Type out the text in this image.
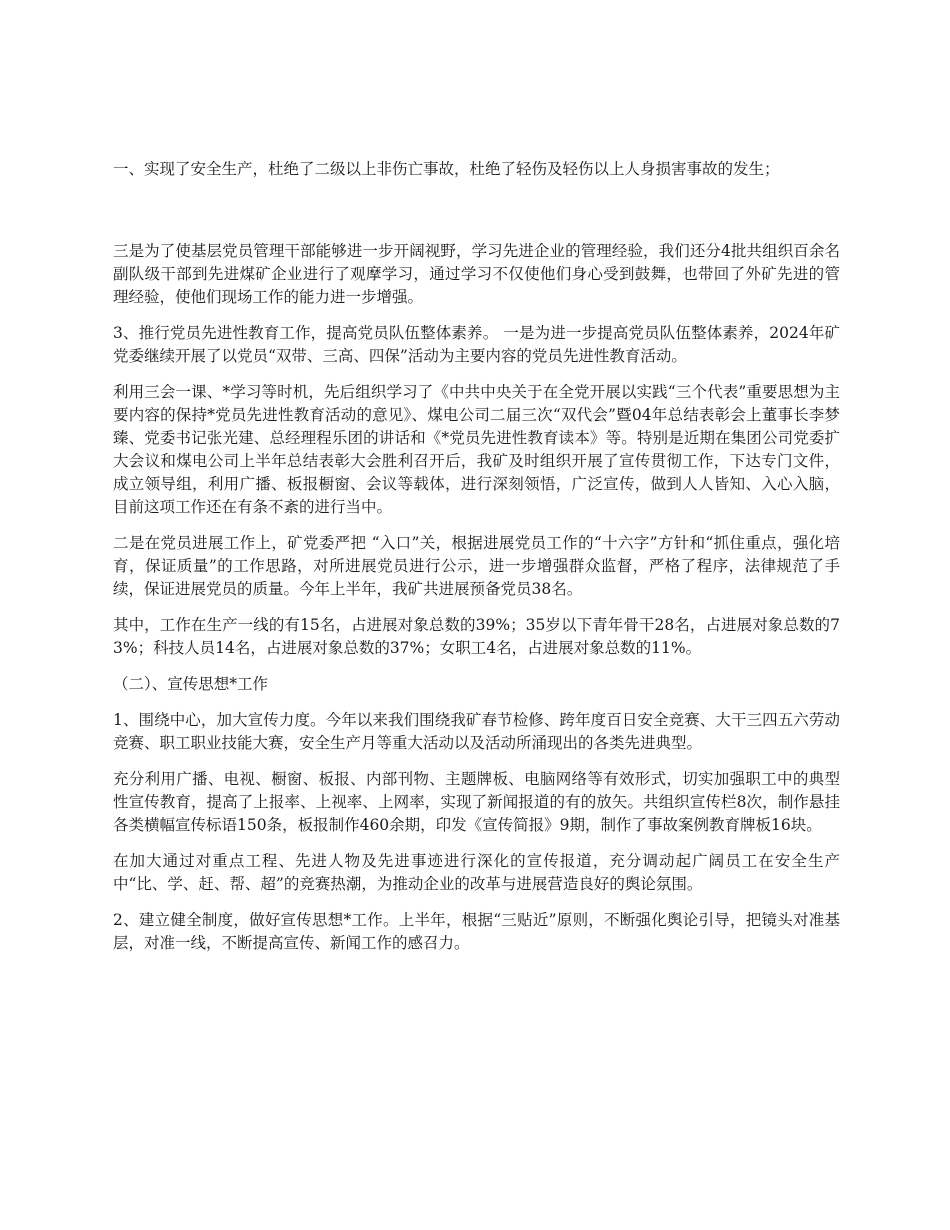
一、实现了安全生产，杜绝了二级以上非伤亡事故，杜绝了轻伤及轻伤以上人身损害事故的发生；

三是为了使基层党员管理干部能够进一步开阔视野，学习先进企业的管理经验，我们还分4批共组织百余名副队级干部到先进煤矿企业进行了观摩学习，通过学习不仅使他们身心受到鼓舞，也带回了外矿先进的管理经验，使他们现场工作的能力进一步增强。

3、推行党员先进性教育工作，提高党员队伍整体素养。 一是为进一步提高党员队伍整体素养，2024年矿党委继续开展了以党员“双带、三高、四保”活动为主要内容的党员先进性教育活动。

利用三会一课、*学习等时机，先后组织学习了《中共中央关于在全党开展以实践“三个代表”重要思想为主要内容的保持*党员先进性教育活动的意见》、煤电公司二届三次“双代会”暨04年总结表彰会上董事长李梦臻、党委书记张光建、总经理程乐团的讲话和《*党员先进性教育读本》等。特别是近期在集团公司党委扩大会议和煤电公司上半年总结表彰大会胜利召开后，我矿及时组织开展了宣传贯彻工作，下达专门文件，成立领导组，利用广播、板报橱窗、会议等载体，进行深刻领悟，广泛宣传，做到人人皆知、入心入脑，目前这项工作还在有条不紊的进行当中。

二是在党员进展工作上，矿党委严把 “入口”关，根据进展党员工作的“十六字”方针和“抓住重点，强化培育，保证质量”的工作思路，对所进展党员进行公示，进一步增强群众监督，严格了程序，法律规范了手续，保证进展党员的质量。今年上半年，我矿共进展预备党员38名。

其中，工作在生产一线的有15名，占进展对象总数的39%；35岁以下青年骨干28名，占进展对象总数的73%；科技人员14名，占进展对象总数的37%；女职工4名，占进展对象总数的11%。

（二）、宣传思想*工作

1、围绕中心，加大宣传力度。今年以来我们围绕我矿春节检修、跨年度百日安全竞赛、大干三四五六劳动竞赛、职工职业技能大赛，安全生产月等重大活动以及活动所涌现出的各类先进典型。

充分利用广播、电视、橱窗、板报、内部刊物、主题牌板、电脑网络等有效形式，切实加强职工中的典型性宣传教育，提高了上报率、上视率、上网率，实现了新闻报道的有的放矢。共组织宣传栏8次，制作悬挂各类横幅宣传标语150条，板报制作460余期，印发《宣传简报》9期，制作了事故案例教育牌板16块。

在加大通过对重点工程、先进人物及先进事迹进行深化的宣传报道，充分调动起广阔员工在安全生产中“比、学、赶、帮、超”的竞赛热潮，为推动企业的改革与进展营造良好的舆论氛围。

2、建立健全制度，做好宣传思想*工作。上半年，根据“三贴近”原则，不断强化舆论引导，把镜头对准基层，对准一线，不断提高宣传、新闻工作的感召力。
